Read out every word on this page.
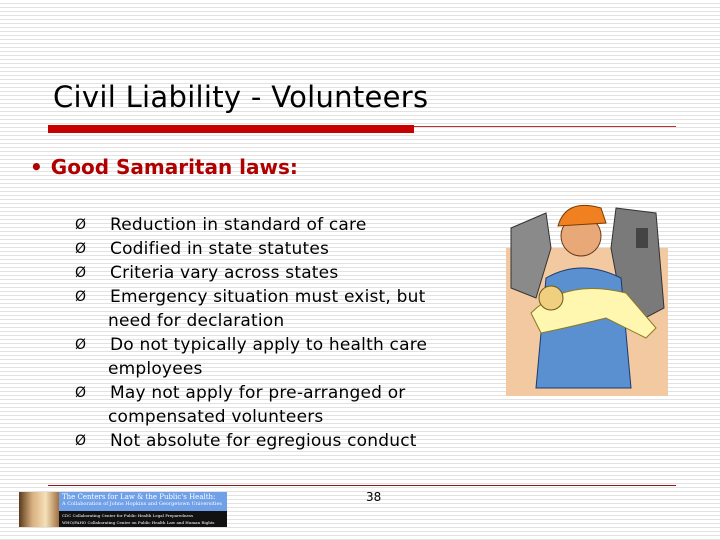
Civil Liability - Volunteers
• Good Samaritan laws:
Ø	Reduction in standard of care
Ø	Codified in state statutes
Ø	Criteria vary across states
Ø	Emergency situation must exist, but
need for declaration
Ø	Do not typically apply to health care
employees
Ø	May not apply for pre-arranged or
compensated volunteers
Ø	Not absolute for egregious conduct
The Centers for Law & the Public's Health:
A Collaboration of Johns Hopkins and Georgetown Universities
CDC Collaborating Center for Public Health Legal Preparedness
WHO/PAHO Collaborating Center on Public Health Law and Human Rights
38
